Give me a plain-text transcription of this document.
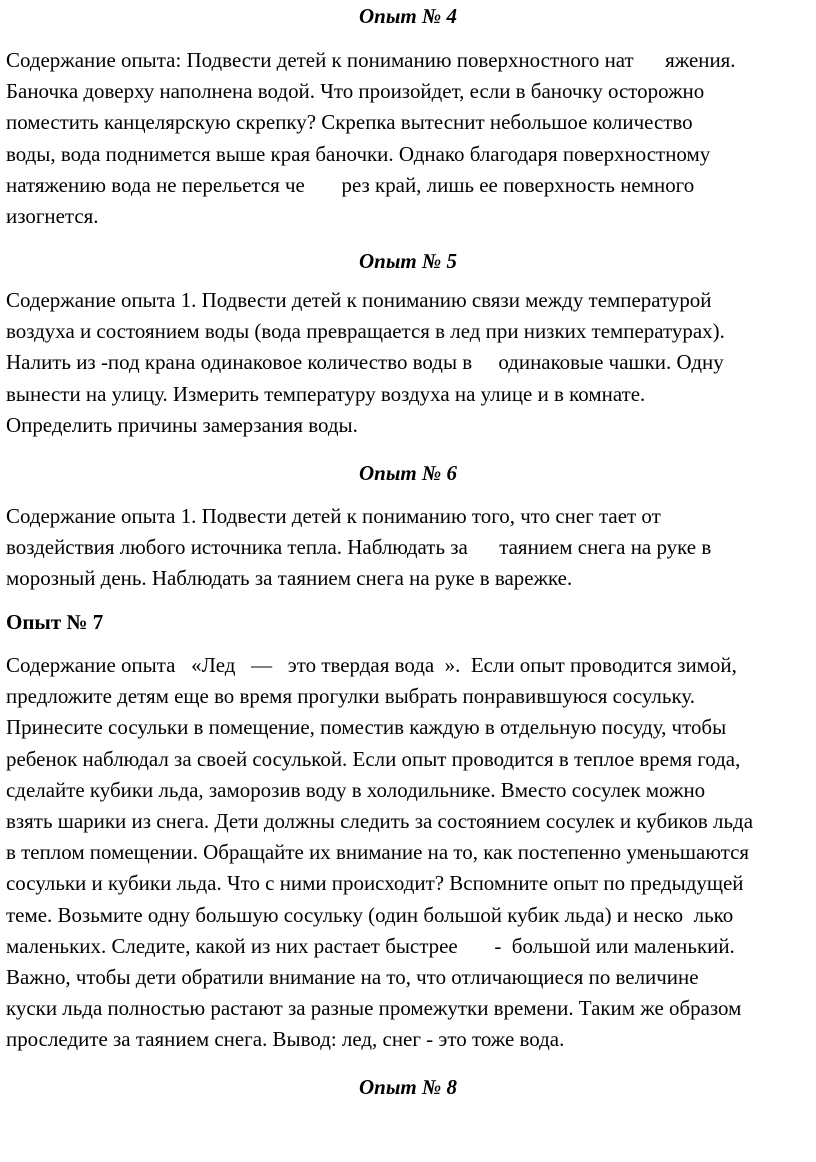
Опыт № 4
Содержание опыта: Подвести детей к пониманию поверхностного нат      яжения.
Баночка доверху наполнена водой. Что произойдет, если в баночку осторожно
поместить канцелярскую скрепку? Скрепка вытеснит небольшое количество
воды, вода поднимется выше края баночки. Однако благодаря поверхностному
натяжению вода не перельется че       рез край, лишь ее поверхность немного
изогнется.
Опыт № 5
Содержание опыта 1. Подвести детей к пониманию связи между температурой
воздуха и состоянием воды (вода превращается в лед при низких температурах).
Налить из -под крана одинаковое количество воды в     одинаковые чашки. Одну
вынести на улицу. Измерить температуру воздуха на улице и в комнате.
Определить причины замерзания воды.
Опыт № 6
Содержание опыта 1. Подвести детей к пониманию того, что снег тает от
воздействия любого источника тепла. Наблюдать за      таянием снега на руке в
морозный день. Наблюдать за таянием снега на руке в варежке.
Опыт № 7
Содержание опыта   «Лед   —   это твердая вода  ».  Если опыт проводится зимой,
предложите детям еще во время прогулки выбрать понравившуюся сосульку.
Принесите сосульки в помещение, поместив каждую в отдельную посуду, чтобы
ребенок наблюдал за своей сосулькой. Если опыт проводится в теплое время года,
сделайте кубики льда, заморозив воду в холодильнике. Вместо сосулек можно
взять шарики из снега. Дети должны следить за состоянием сосулек и кубиков льда
в теплом помещении. Обращайте их внимание на то, как постепенно уменьшаются
сосульки и кубики льда. Что с ними происходит? Вспомните опыт по предыдущей
теме. Возьмите одну большую сосульку (один большой кубик льда) и неско  лько
маленьких. Следите, какой из них растает быстрее       -  большой или маленький.
Важно, чтобы дети обратили внимание на то, что отличающиеся по величине
куски льда полностью растают за разные промежутки времени. Таким же образом
проследите за таянием снега. Вывод: лед, снег - это тоже вода.
Опыт № 8
